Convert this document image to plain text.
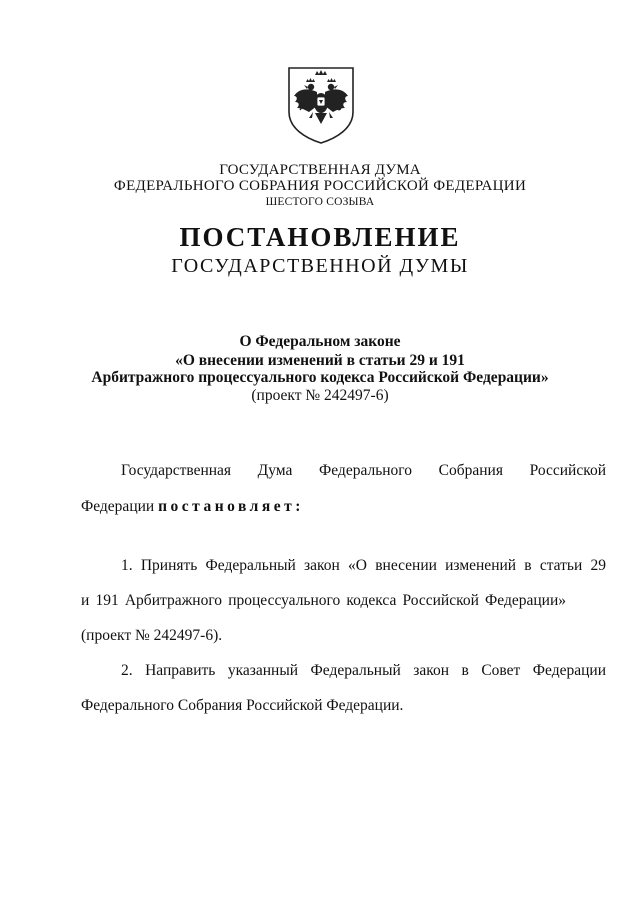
ГОСУДАРСТВЕННАЯ ДУМА
ФЕДЕРАЛЬНОГО СОБРАНИЯ РОССИЙСКОЙ ФЕДЕРАЦИИ
ШЕСТОГО СОЗЫВА
ПОСТАНОВЛЕНИЕ
ГОСУДАРСТВЕННОЙ ДУМЫ
О Федеральном законе
«О внесении изменений в статьи 29 и 191
Арбитражного процессуального кодекса Российской Федерации»
(проект № 242497-6)
Государственная Дума Федерального Собрания Российской
Федерации постановляет:
1. Принять Федеральный закон «О внесении изменений в статьи 29
и 191 Арбитражного процессуального кодекса Российской Федерации»
(проект № 242497-6).
2. Направить указанный Федеральный закон в Совет Федерации
Федерального Собрания Российской Федерации.
